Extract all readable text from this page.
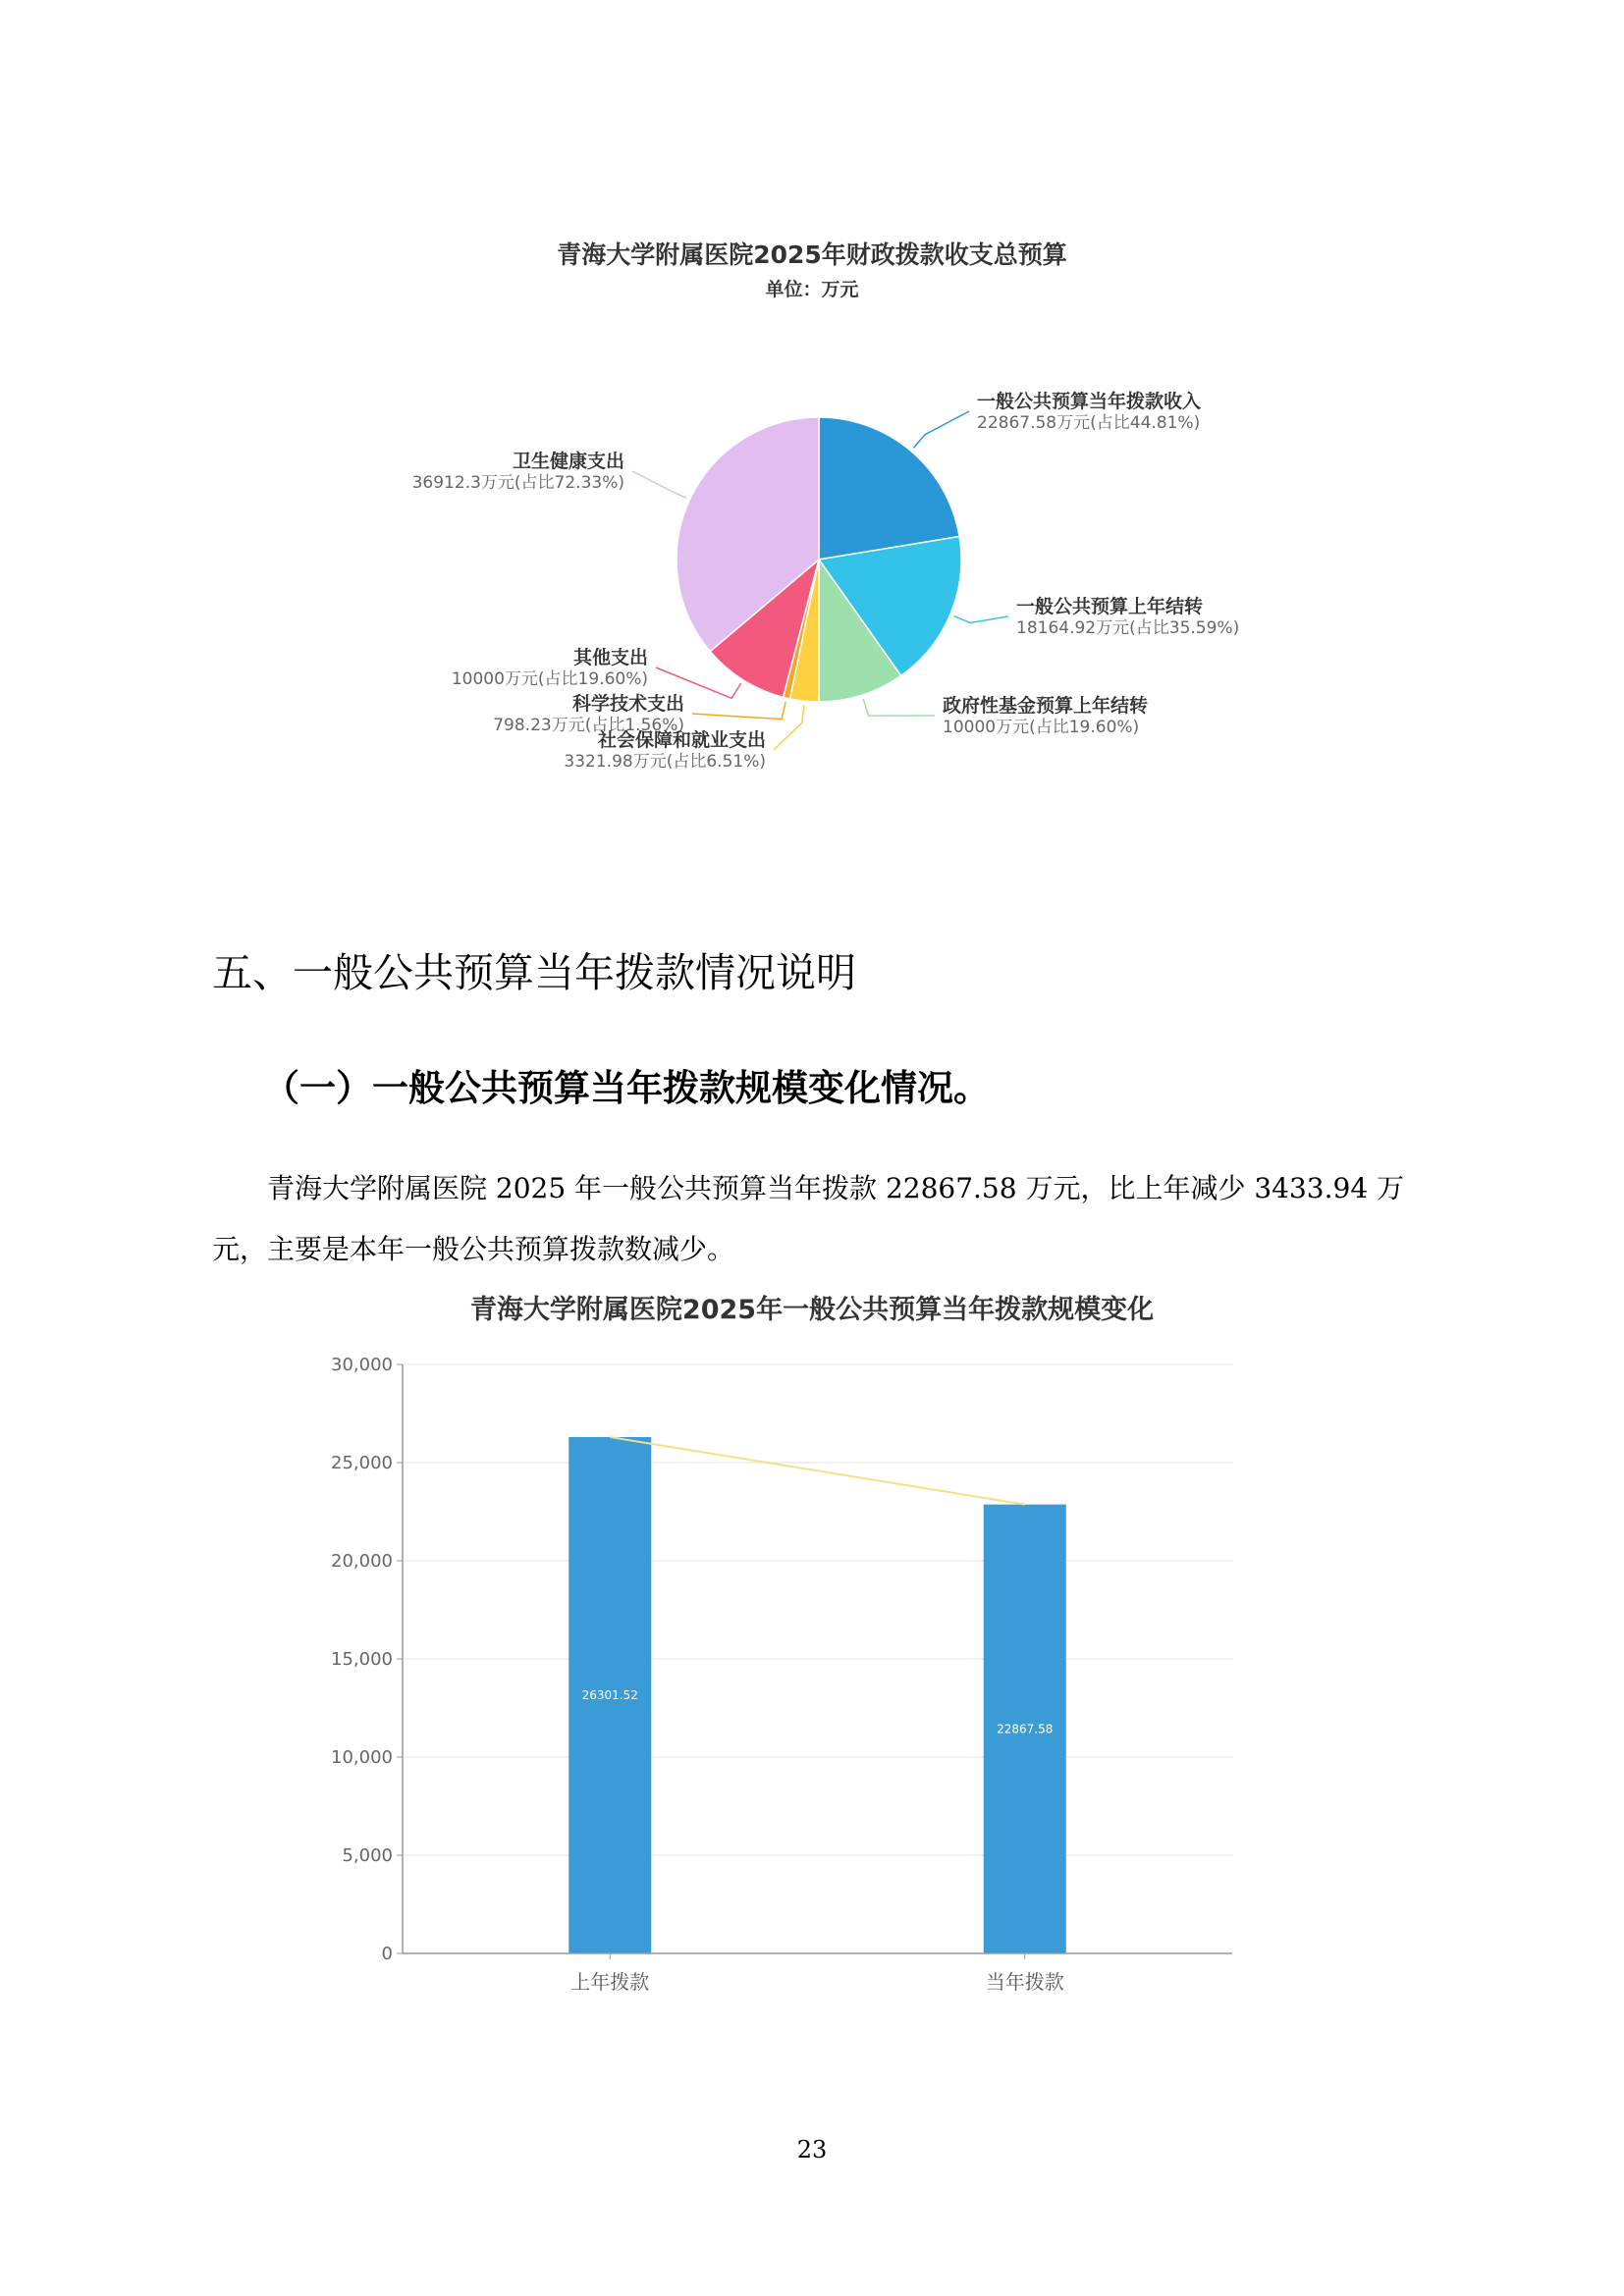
青海大学附属医院2025年财政拨款收支总预算
单位：万元
一般公共预算当年拨款收入
22867.58万元(占比44.81%)
一般公共预算上年结转
18164.92万元(占比35.59%)
政府性基金预算上年结转
10000万元(占比19.60%)
社会保障和就业支出
3321.98万元(占比6.51%)
科学技术支出
798.23万元(占比1.56%)
其他支出
10000万元(占比19.60%)
卫生健康支出
36912.3万元(占比72.33%)
五、一般公共预算当年拨款情况说明
（一）一般公共预算当年拨款规模变化情况。

青海大学附属医院 2025 年一般公共预算当年拨款 22867.58 万元，比上年减少 3433.94 万元，主要是本年一般公共预算拨款数减少。

青海大学附属医院2025年一般公共预算当年拨款规模变化
26301.52
22867.58
0
5,000
10,000
15,000
20,000
25,000
30,000
上年拨款	当年拨款
23
